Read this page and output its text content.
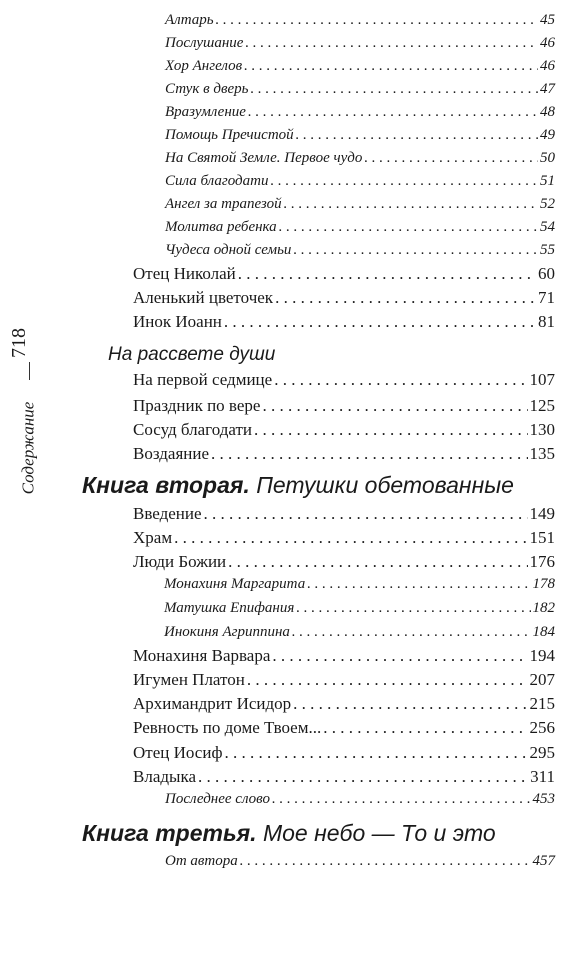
718
Содержание
Алтарь . . .	45
Послушание . . .	46
Хор Ангелов . . .	46
Стук в дверь . . .	47
Вразумление . . .	48
Помощь Пречистой . . .	49
На Святой Земле. Первое чудо . . .	50
Сила благодати . . .	51
Ангел за трапезой . . .	52
Молитва ребенка . . .	54
Чудеса одной семьи . . .	55
Отец Николай . . .	60
Аленький цветочек . . .	71
Инок Иоанн . . .	81
На рассвете души
На первой седмице . . .	107
Праздник по вере . . .	125
Сосуд благодати . . .	130
Воздаяние . . .	135
Книга вторая. Петушки обетованные
Введение . . .	149
Храм . . .	151
Люди Божии . . .	176
Монахиня Маргарита . . .	178
Матушка Епифания . . .	182
Инокиня Агриппина . . .	184
Монахиня Варвара . . .	194
Игумен Платон . . .	207
Архимандрит Исидор . . .	215
Ревность по доме Твоем... . . .	256
Отец Иосиф . . .	295
Владыка . . .	311
Последнее слово . . .	453
Книга третья. Мое небо — То и это
От автора . . .	457
